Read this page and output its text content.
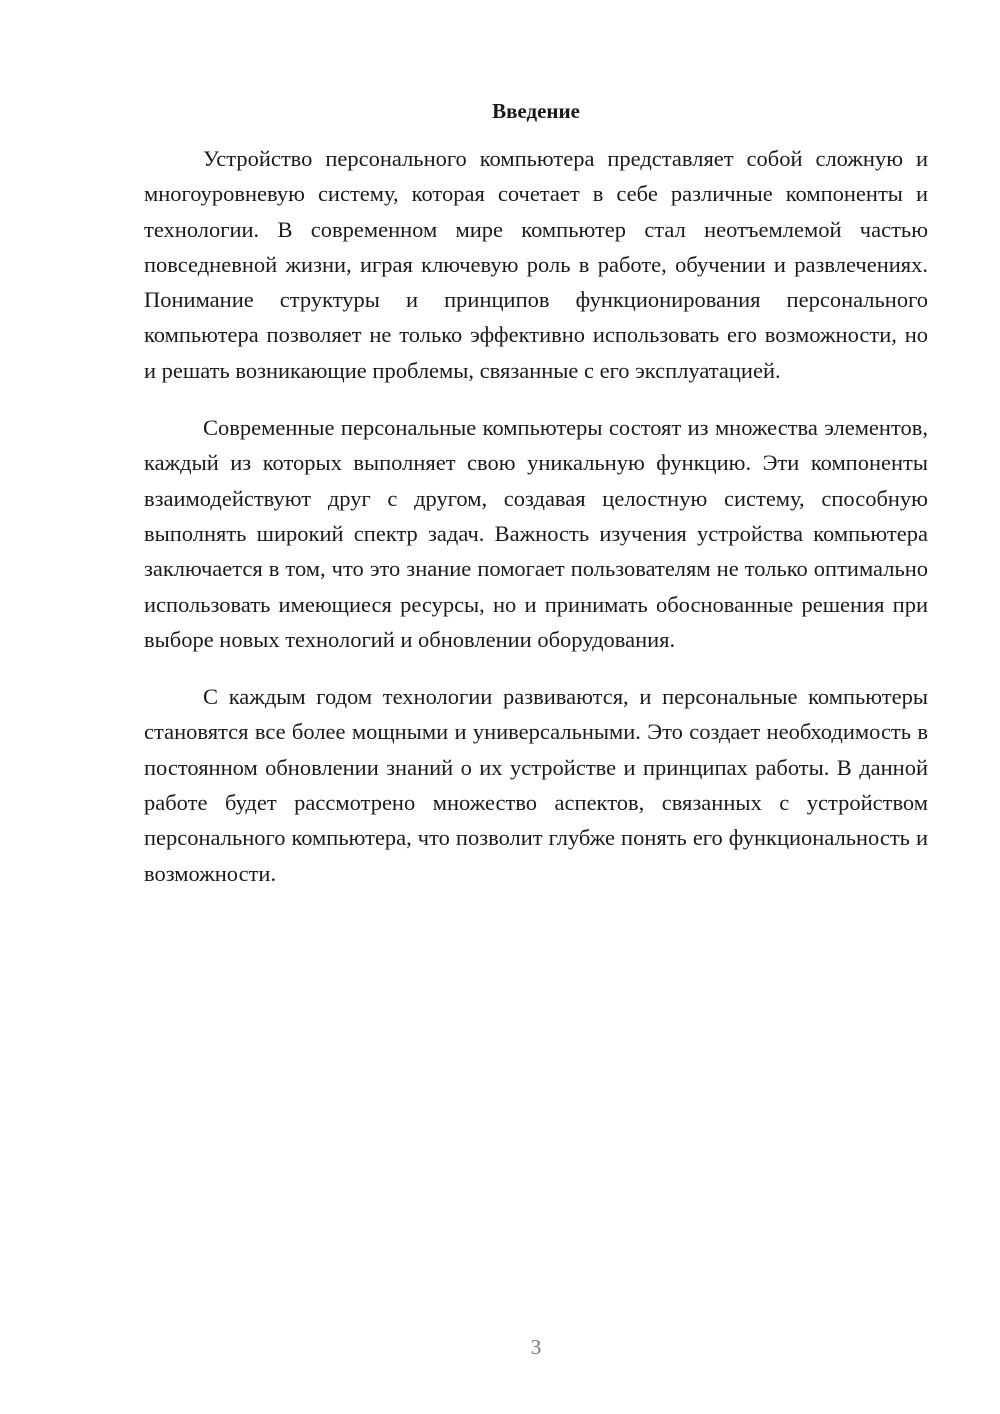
Введение

Устройство персонального компьютера представляет собой сложную и многоуровневую систему, которая сочетает в себе различные компоненты и технологии. В современном мире компьютер стал неотъемлемой частью повседневной жизни, играя ключевую роль в работе, обучении и развлечениях. Понимание структуры и принципов функционирования персонального компьютера позволяет не только эффективно использовать его возможности, но и решать возникающие проблемы, связанные с его эксплуатацией.

Современные персональные компьютеры состоят из множества элементов, каждый из которых выполняет свою уникальную функцию. Эти компоненты взаимодействуют друг с другом, создавая целостную систему, способную выполнять широкий спектр задач. Важность изучения устройства компьютера заключается в том, что это знание помогает пользователям не только оптимально использовать имеющиеся ресурсы, но и принимать обоснованные решения при выборе новых технологий и обновлении оборудования.

С каждым годом технологии развиваются, и персональные компьютеры становятся все более мощными и универсальными. Это создает необходимость в постоянном обновлении знаний о их устройстве и принципах работы. В данной работе будет рассмотрено множество аспектов, связанных с устройством персонального компьютера, что позволит глубже понять его функциональность и возможности.

3
